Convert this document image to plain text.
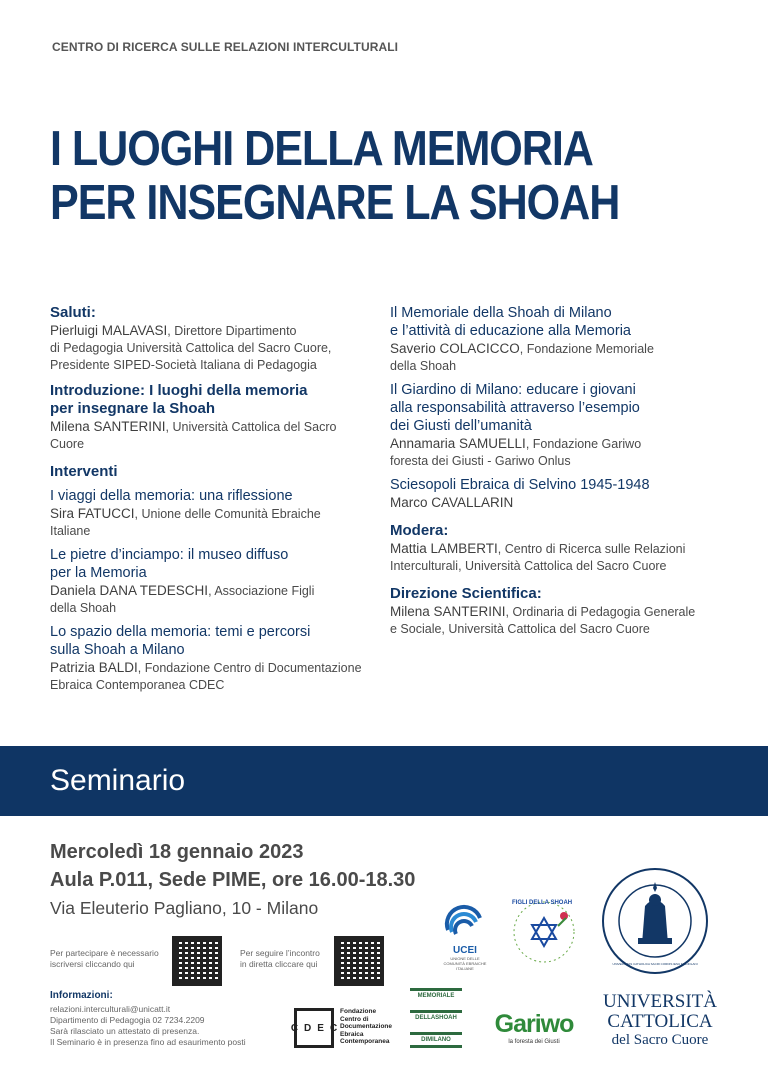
CENTRO DI RICERCA SULLE RELAZIONI INTERCULTURALI
I LUOGHI DELLA MEMORIA
PER INSEGNARE LA SHOAH
Saluti:
Pierluigi MALAVASI, Direttore Dipartimento
di Pedagogia Università Cattolica del Sacro Cuore,
Presidente SIPED-Società Italiana di Pedagogia
Introduzione: I luoghi della memoria
per insegnare la Shoah
Milena SANTERINI, Università Cattolica del Sacro
Cuore
Interventi
I viaggi della memoria: una riflessione
Sira FATUCCI, Unione delle Comunità Ebraiche
Italiane
Le pietre d’inciampo: il museo diffuso
per la Memoria
Daniela DANA TEDESCHI, Associazione Figli
della Shoah
Lo spazio della memoria: temi e percorsi
sulla Shoah a Milano
Patrizia BALDI, Fondazione Centro di Documentazione
Ebraica Contemporanea CDEC
Il Memoriale della Shoah di Milano
e l’attività di educazione alla Memoria
Saverio COLACICCO, Fondazione Memoriale
della Shoah
Il Giardino di Milano: educare i giovani
alla responsabilità attraverso l’esempio
dei Giusti dell’umanità
Annamaria SAMUELLI, Fondazione Gariwo
foresta dei Giusti - Gariwo Onlus
Sciesopoli Ebraica di Selvino 1945-1948
Marco CAVALLARIN
Modera:
Mattia LAMBERTI, Centro di Ricerca sulle Relazioni
Interculturali, Università Cattolica del Sacro Cuore
Direzione Scientifica:
Milena SANTERINI, Ordinaria di Pedagogia Generale
e Sociale, Università Cattolica del Sacro Cuore
Seminario
Mercoledì 18 gennaio 2023
Aula P.011, Sede PIME, ore 16.00-18.30
Via Eleuterio Pagliano, 10 - Milano
Per partecipare è necessario
iscriversi cliccando qui
Per seguire l’incontro
in diretta cliccare qui
Informazioni:
relazioni.interculturali@unicatt.it
Dipartimento di Pedagogia 02 7234.2209
Sarà rilasciato un attestato di presenza.
Il Seminario è in presenza fino ad esaurimento posti
UCEI
UNIONE DELLE COMUNITÀ EBRAICHE ITALIANE
FIGLI DELLA SHOAH
UNIVERSITAS CATHOLICA SACRI CORDIS IESU MEDIOLANI
CDEC
Fondazione
Centro di
Documentazione
Ebraica
Contemporanea
MEMORIALE
DELLASHOAH
DIMILANO
Gariwo
la foresta dei Giusti
UNIVERSITÀ
CATTOLICA
del Sacro Cuore
